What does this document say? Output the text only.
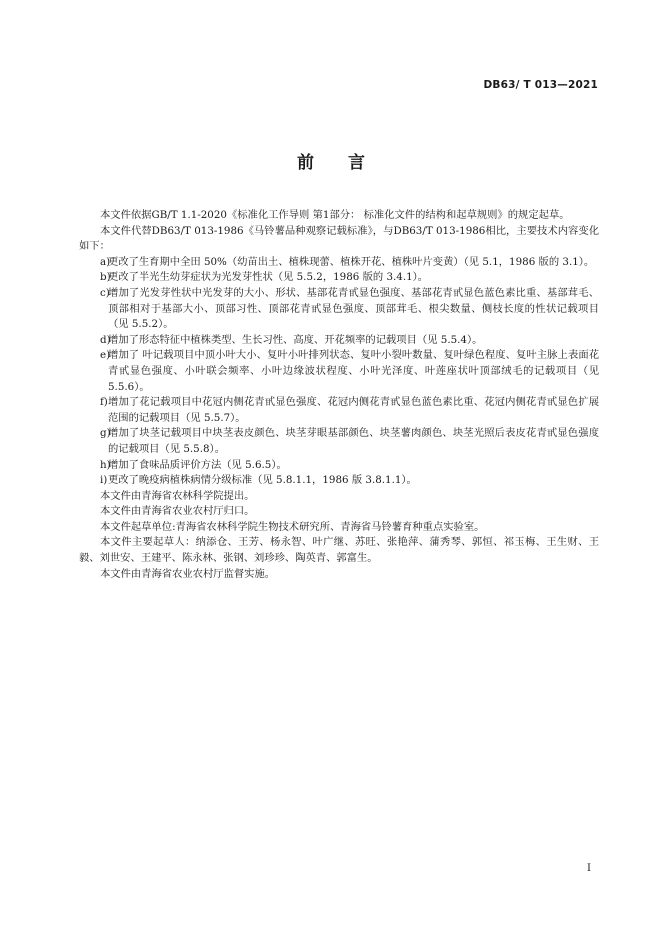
DB63/ T 013—2021
前 言
本文件依据GB/T 1.1-2020《标准化工作导则 第1部分： 标准化文件的结构和起草规则》的规定起草。
本文件代替DB63/T 013-1986《马铃薯品种观察记载标准》，与DB63/T 013-1986相比，主要技术内容变化如下：
a)
更改了生育期中全田 50%（幼苗出土、植株现蕾、植株开花、植株叶片变黄）（见 5.1，1986 版的 3.1）。
b)
更改了半光生幼芽症状为光发芽性状（见 5.5.2，1986 版的 3.4.1）。
c)
增加了光发芽性状中光发芽的大小、形状、基部花青甙显色强度、基部花青甙显色蓝色素比重、基部茸毛、顶部相对于基部大小、顶部习性、顶部花青甙显色强度、顶部茸毛、根尖数量、侧枝长度的性状记载项目（见 5.5.2）。
d)
增加了形态特征中植株类型、生长习性、高度、开花频率的记载项目（见 5.5.4）。
e)
增加了 叶记载项目中顶小叶大小、复叶小叶排列状态、复叶小裂叶数量、复叶绿色程度、复叶主脉上表面花青甙显色强度、小叶联会频率、小叶边缘波状程度、小叶光泽度、叶莲座状叶顶部绒毛的记载项目（见 5.5.6）。
f) 增加了花记载项目中花冠内侧花青甙显色强度、花冠内侧花青甙显色蓝色素比重、花冠内侧花青甙显色扩展范围的记载项目（见 5.5.7）。
g)
增加了块茎记载项目中块茎表皮颜色、块茎芽眼基部颜色、块茎薯肉颜色、块茎光照后表皮花青甙显色强度的记载项目（见 5.5.8）。
h)
增加了食味品质评价方法（见 5.6.5）。
i) 更改了晚疫病植株病情分级标准（见 5.8.1.1，1986 版 3.8.1.1）。
本文件由青海省农林科学院提出。
本文件由青海省农业农村厅归口。
本文件起草单位:青海省农林科学院生物技术研究所、青海省马铃薯育种重点实验室。
本文件主要起草人：纳添仓、王芳、杨永智、叶广继、苏旺、张艳萍、蒲秀琴、郭恒、祁玉梅、王生财、王毅、刘世安、王建平、陈永林、张钢、刘珍珍、陶英青、郭富生。
本文件由青海省农业农村厅监督实施。
I
